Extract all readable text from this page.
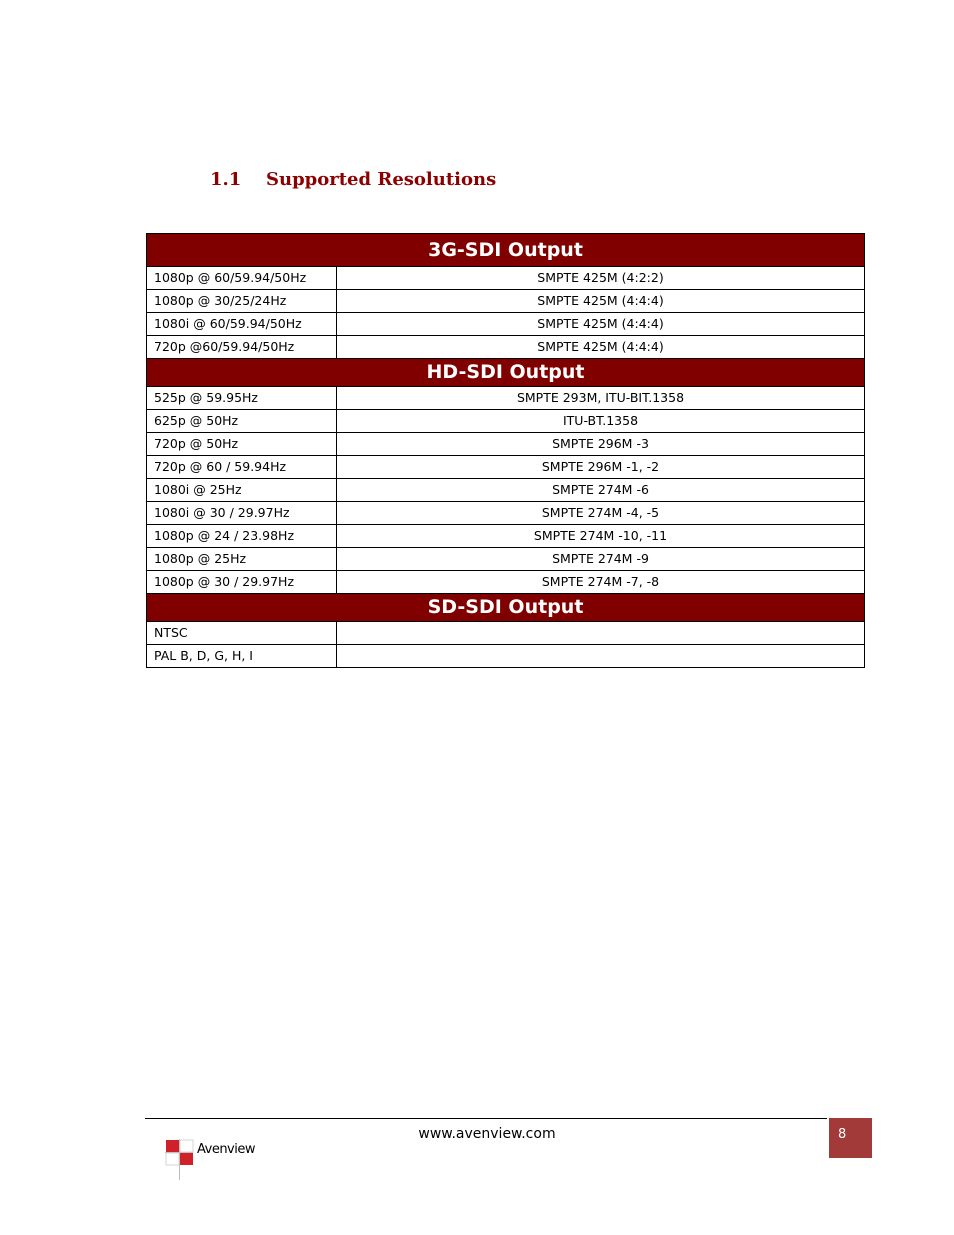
1.1	Supported Resolutions
3G-SDI Output	
1080p @ 60/59.94/50Hz	SMPTE 425M (4:2:2)
1080p @ 30/25/24Hz	SMPTE 425M (4:4:4)
1080i @ 60/59.94/50Hz	SMPTE 425M (4:4:4)
720p @60/59.94/50Hz	SMPTE 425M (4:4:4)
HD-SDI Output	
525p @ 59.95Hz	SMPTE 293M, ITU-BIT.1358
625p @ 50Hz	ITU-BT.1358
720p @ 50Hz	SMPTE 296M -3
720p @ 60 / 59.94Hz	SMPTE 296M -1, -2
1080i @ 25Hz	SMPTE 274M -6
1080i @ 30 / 29.97Hz	SMPTE 274M -4, -5
1080p @ 24 / 23.98Hz	SMPTE 274M -10, -11
1080p @ 25Hz	SMPTE 274M -9
1080p @ 30 / 29.97Hz	SMPTE 274M -7, -8
SD-SDI Output	
NTSC	
PAL B, D, G, H, I	
www.avenview.com	8
Avenview
